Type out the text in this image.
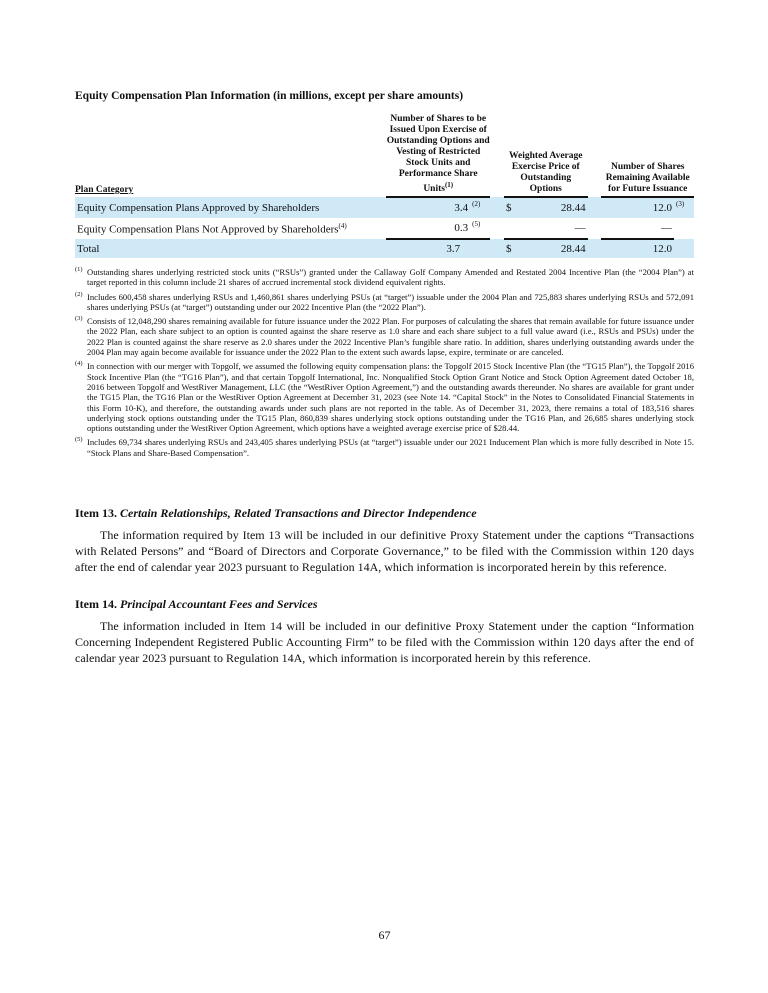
Equity Compensation Plan Information (in millions, except per share amounts)
Plan Category		Number of Shares to be Issued Upon Exercise of Outstanding Options and Vesting of Restricted Stock Units and Performance Share Units$^{(1)}$			Weighted Average Exercise Price of Outstanding Options			Number of Shares Remaining Available for Future Issuance	
Equity Compensation Plans Approved by Shareholders		3.4	(2)		$	28.44		12.0	(3)
Equity Compensation Plans Not Approved by Shareholders$^{(4)}$		0.3	(5)			—		—	
Total		3.7			$	28.44		12.0	
(1) Outstanding shares underlying restricted stock units (“RSUs”) granted under the Callaway Golf Company Amended and Restated 2004 Incentive Plan (the “2004 Plan”) at target reported in this column include 21 shares of accrued incremental stock dividend equivalent rights.
(2) Includes 600,458 shares underlying RSUs and 1,460,861 shares underlying PSUs (at “target”) issuable under the 2004 Plan and 725,883 shares underlying RSUs and 572,091 shares underlying PSUs (at “target”) outstanding under our 2022 Incentive Plan (the “2022 Plan”).
(3) Consists of 12,048,290 shares remaining available for future issuance under the 2022 Plan. For purposes of calculating the shares that remain available for future issuance under the 2022 Plan, each share subject to an option is counted against the share reserve as 1.0 share and each share subject to a full value award (i.e., RSUs and PSUs) under the 2022 Plan is counted against the share reserve as 2.0 shares under the 2022 Incentive Plan’s fungible share ratio. In addition, shares underlying outstanding awards under the 2004 Plan may again become available for issuance under the 2022 Plan to the extent such awards lapse, expire, terminate or are canceled.
(4) In connection with our merger with Topgolf, we assumed the following equity compensation plans: the Topgolf 2015 Stock Incentive Plan (the “TG15 Plan”), the Topgolf 2016 Stock Incentive Plan (the “TG16 Plan”), and that certain Topgolf International, Inc. Nonqualified Stock Option Grant Notice and Stock Option Agreement dated October 18, 2016 between Topgolf and WestRiver Management, LLC (the “WestRiver Option Agreement,”) and the outstanding awards thereunder. No shares are available for grant under the TG15 Plan, the TG16 Plan or the WestRiver Option Agreement at December 31, 2023 (see Note 14. “Capital Stock” in the Notes to Consolidated Financial Statements in this Form 10-K), and therefore, the outstanding awards under such plans are not reported in the table. As of December 31, 2023, there remains a total of 183,516 shares underlying stock options outstanding under the TG15 Plan, 860,839 shares underlying stock options outstanding under the TG16 Plan, and 26,685 shares underlying stock options outstanding under the WestRiver Option Agreement, which options have a weighted average exercise price of $28.44.
(5) Includes 69,734 shares underlying RSUs and 243,405 shares underlying PSUs (at “target”) issuable under our 2021 Inducement Plan which is more fully described in Note 15. “Stock Plans and Share-Based Compensation”.
Item 13. Certain Relationships, Related Transactions and Director Independence
The information required by Item 13 will be included in our definitive Proxy Statement under the captions “Transactions with Related Persons” and “Board of Directors and Corporate Governance,” to be filed with the Commission within 120 days after the end of calendar year 2023 pursuant to Regulation 14A, which information is incorporated herein by this reference.
Item 14. Principal Accountant Fees and Services
The information included in Item 14 will be included in our definitive Proxy Statement under the caption “Information Concerning Independent Registered Public Accounting Firm” to be filed with the Commission within 120 days after the end of calendar year 2023 pursuant to Regulation 14A, which information is incorporated herein by this reference.
67
